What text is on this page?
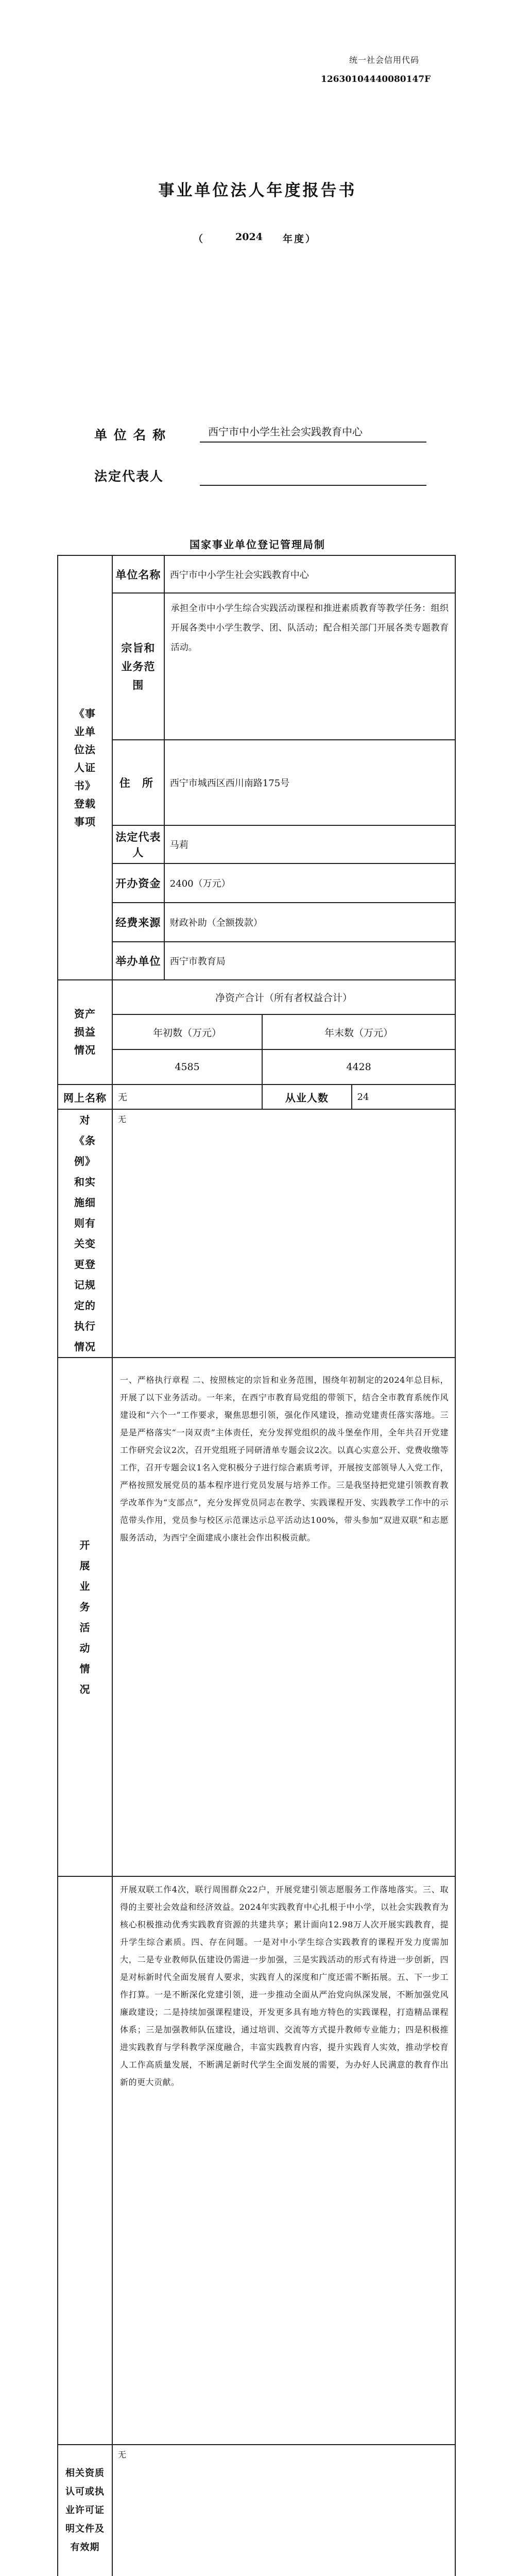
统一社会信用代码
12630104440080147F
事业单位法人年度报告书
（	2024 年度）
单 位 名 称	西宁市中小学生社会实践教育中心
法定代表人
国家事业单位登记管理局制
《事业单位法人证书》登载事项	单位名称	西宁市中小学生社会实践教育中心		
	宗旨和业务范围	承担全市中小学生综合实践活动课程和推进素质教育等教学任务：组织开展各类中小学生教学、团、队活动；配合相关部门开展各类专题教育活动。		
	住 所	西宁市城西区西川南路175号		
	法定代表人	马莉		
	开办资金	2400（万元）		
	经费来源	财政补助（全额拨款）		
	举办单位	西宁市教育局		
资产损益情况	净资产合计（所有者权益合计）			
	年初数（万元）		年末数（万元）	
	4585		4428	
网上名称	无		从业人数	24
对《条例》和实施细则有关变更登记规定的执行情况	无			
开展业务活动情况	一、严格执行章程 二、按照核定的宗旨和业务范围，围绕年初制定的2024年总目标，开展了以下业务活动。一年来，在西宁市教育局党组的带领下，结合全市教育系统作风建设和“六个一”工作要求，聚焦思想引领，强化作风建设，推动党建责任落实落地。三是是严格落实“一岗双责”主体责任，充分发挥党组织的战斗堡垒作用，全年共召开党建工作研究会议2次，召开党组班子同研清单专题会议2次。以真心实意公开、党费收缴等工作，召开专题会议1名入党积极分子进行综合素质考评，开展按支部领导人入党工作，严格按照发展党员的基本程序进行党员发展与培养工作。三是我坚持把党建引领教育教学改革作为“支部点”，充分发挥党员同志在教学、实践课程开发、实践教学工作中的示范带头作用，党员参与校区示范课达示总平活动达100%，带头参加“双进双联”和志愿服务活动，为西宁全面建成小康社会作出积极贡献。			
	开展双联工作4次，联行周围群众22户，开展党建引领志愿服务工作落地落实。三、取得的主要社会效益和经济效益。2024年实践教育中心扎根于中小学，以社会实践教育为核心积极推动优秀实践教育资源的共建共享；累计面向12.98万人次开展实践教育，提升学生综合素质。四、存在问题。一是对中小学生综合实践教育的课程开发力度需加大，二是专业教师队伍建设仍需进一步加强，三是实践活动的形式有待进一步创新，四是对标新时代全面发展育人要求，实践育人的深度和广度还需不断拓展。五、下一步工作打算。一是不断深化党建引领，进一步推动全面从严治党向纵深发展，不断加强党风廉政建设；二是持续加强课程建设，开发更多具有地方特色的实践课程，打造精品课程体系；三是加强教师队伍建设，通过培训、交流等方式提升教师专业能力；四是积极推进实践教育与学科教学深度融合，丰富实践教育内容，提升实践育人实效，推动学校育人工作高质量发展，不断满足新时代学生全面发展的需要，为办好人民满意的教育作出新的更大贡献。			
相关资质认可或执业许可证明文件及有效期	无			
